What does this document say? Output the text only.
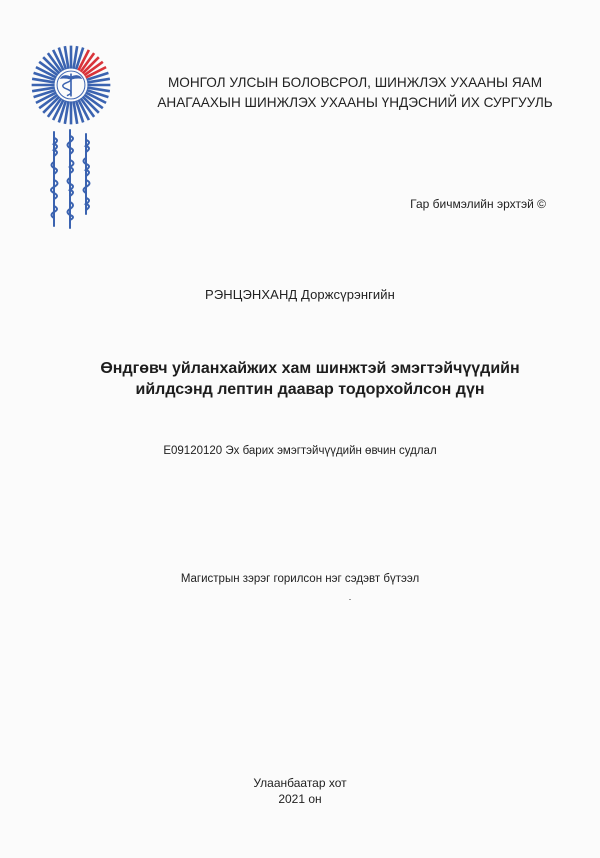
МОНГОЛ УЛСЫН БОЛОВСРОЛ, ШИНЖЛЭХ УХААНЫ ЯАМ
АНАГААХЫН ШИНЖЛЭХ УХААНЫ ҮНДЭСНИЙ ИХ СУРГУУЛЬ
Гар бичмэлийн эрхтэй ©
РЭНЦЭНХАНД Доржсүрэнгийн
Өндгөвч уйланхайжих хам шинжтэй эмэгтэйчүүдийн
ийлдсэнд лептин даавар тодорхойлсон дүн
Е09120120 Эх барих эмэгтэйчүүдийн өвчин судлал
Магистрын зэрэг горилсон нэг сэдэвт бүтээл
Улаанбаатар хот
2021 он
